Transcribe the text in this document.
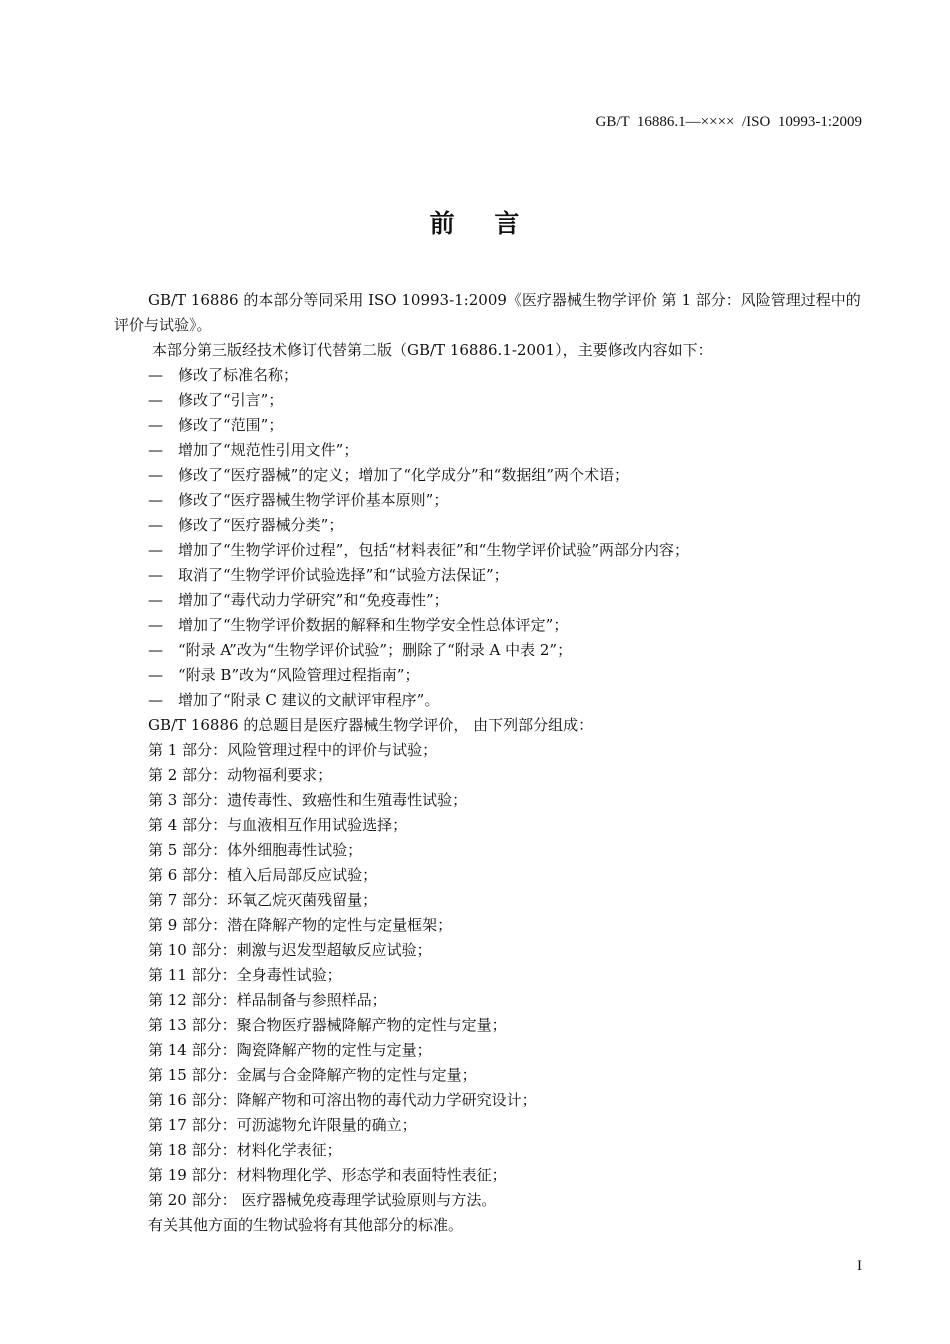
GB/T  16886.1—××××  /ISO  10993-1:2009
前    言

GB/T 16886 的本部分等同采用 ISO 10993-1:2009《医疗器械生物学评价 第 1 部分：风险管理过程中的评价与试验》。

本部分第三版经技术修订代替第二版（GB/T 16886.1-2001），主要修改内容如下：

— 修改了标准名称；

— 修改了“引言”；

— 修改了“范围”；

— 增加了“规范性引用文件”；

— 修改了“医疗器械”的定义；增加了“化学成分”和“数据组”两个术语；

— 修改了“医疗器械生物学评价基本原则”；

— 修改了“医疗器械分类”；

— 增加了“生物学评价过程”，包括“材料表征”和“生物学评价试验”两部分内容；

— 取消了“生物学评价试验选择”和“试验方法保证”；

— 增加了“毒代动力学研究”和“免疫毒性”；

— 增加了“生物学评价数据的解释和生物学安全性总体评定”；

— “附录 A”改为“生物学评价试验”；删除了“附录 A 中表 2”；

— “附录 B”改为“风险管理过程指南”；

— 增加了“附录 C 建议的文献评审程序”。

GB/T 16886 的总题目是医疗器械生物学评价， 由下列部分组成：

第 1 部分：风险管理过程中的评价与试验；

第 2 部分：动物福利要求；

第 3 部分：遗传毒性、致癌性和生殖毒性试验；

第 4 部分：与血液相互作用试验选择；

第 5 部分：体外细胞毒性试验；

第 6 部分：植入后局部反应试验；

第 7 部分：环氧乙烷灭菌残留量；

第 9 部分：潜在降解产物的定性与定量框架；

第 10 部分：刺激与迟发型超敏反应试验；

第 11 部分：全身毒性试验；

第 12 部分：样品制备与参照样品；

第 13 部分：聚合物医疗器械降解产物的定性与定量；

第 14 部分：陶瓷降解产物的定性与定量；

第 15 部分：金属与合金降解产物的定性与定量；

第 16 部分：降解产物和可溶出物的毒代动力学研究设计；

第 17 部分：可沥滤物允许限量的确立；

第 18 部分：材料化学表征；

第 19 部分：材料物理化学、形态学和表面特性表征；

第 20 部分： 医疗器械免疫毒理学试验原则与方法。

有关其他方面的生物试验将有其他部分的标准。

I
